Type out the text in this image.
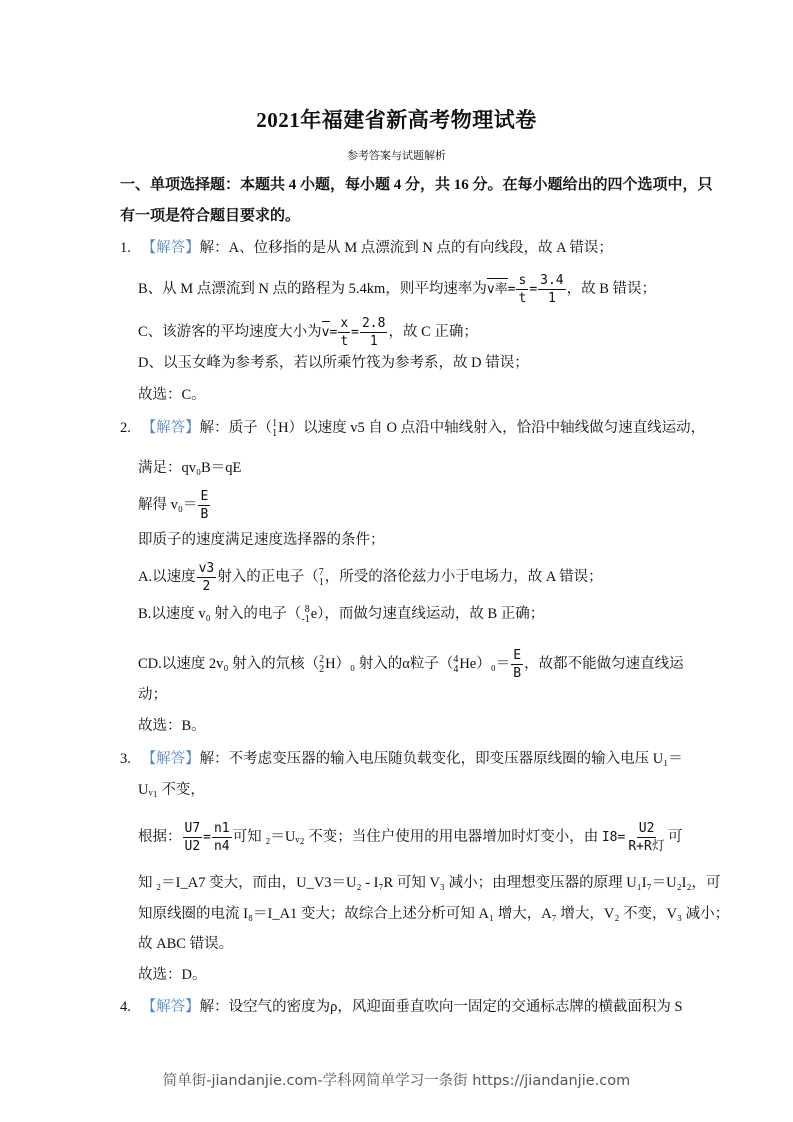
2021年福建省新高考物理试卷
参考答案与试题解析
一、单项选择题：本题共 4 小题，每小题 4 分，共 16 分。在每小题给出的四个选项中，只
有一项是符合题目要求的。
1. 【解答】解：A、位移指的是从 M 点漂流到 N 点的有向线段，故 A 错误；
B、从 M 点漂流到 N 点的路程为 5.4km，则平均速率为v率= $\frac{s}{t} = \frac{3.4}{1}$ ，故 B 错误；
C、该游客的平均速度大小为$v= \frac{x}{t} = \frac{2.8}{1}$ ，故 C 正确；
D、以玉女峰为参考系，若以所乘竹筏为参考系，故 D 错误；
故选：C。
2. 【解答】解：质子（ 1
1 H）以速度 v5 自 O 点沿中轴线射入，恰沿中轴线做匀速直线运动，
满足：qv₀B＝qE
解得 $v_0= \frac{E}{B}$
即质子的速度满足速度选择器的条件；
A.以速度 $\frac{v3}{2}$ 射入的正电子（ 7
1 ，所受的洛伦兹力小于电场力，故 A 错误；
B.以速度 v₀ 射入的电子（ 8
-1 e），而做匀速直线运动，故 B 正确；
CD.以速度 2v₀ 射入的氘核（ 2
2 H）₀ 射入的α粒子（ 4
4 $He)_0= \frac{E}{B}$ ，故都不能做匀速直线运
动；
故选：B。
3. 【解答】解：不考虑变压器的输入电压随负载变化，即变压器原线圈的输入电压 U₁＝
Uᵥ₁ 不变，
根据： $\frac{U7}{U2} = \frac{n1}{n4}$ 可知 ₂＝Uᵥ₂ 不变；当住户使用的用电器增加时灯变小，由 $I8= \frac{U2}{\text{R+R灯}}$ 可
知 ₂＝I_A7 变大，而由，U_V3＝U₂ - I₇R 可知 V₃ 减小；由理想变压器的原理 U₁I₇＝U₂I₂，可
知原线圈的电流 I₈＝I_A1 变大；故综合上述分析可知 A₁ 增大，A₇ 增大，V₂ 不变，V₃ 减小；
故 ABC 错误。
故选：D。
4. 【解答】解：设空气的密度为ρ，风迎面垂直吹向一固定的交通标志牌的横截面积为 S
简单街-jiandanjie.com-学科网简单学习一条街 https://jiandanjie.com
